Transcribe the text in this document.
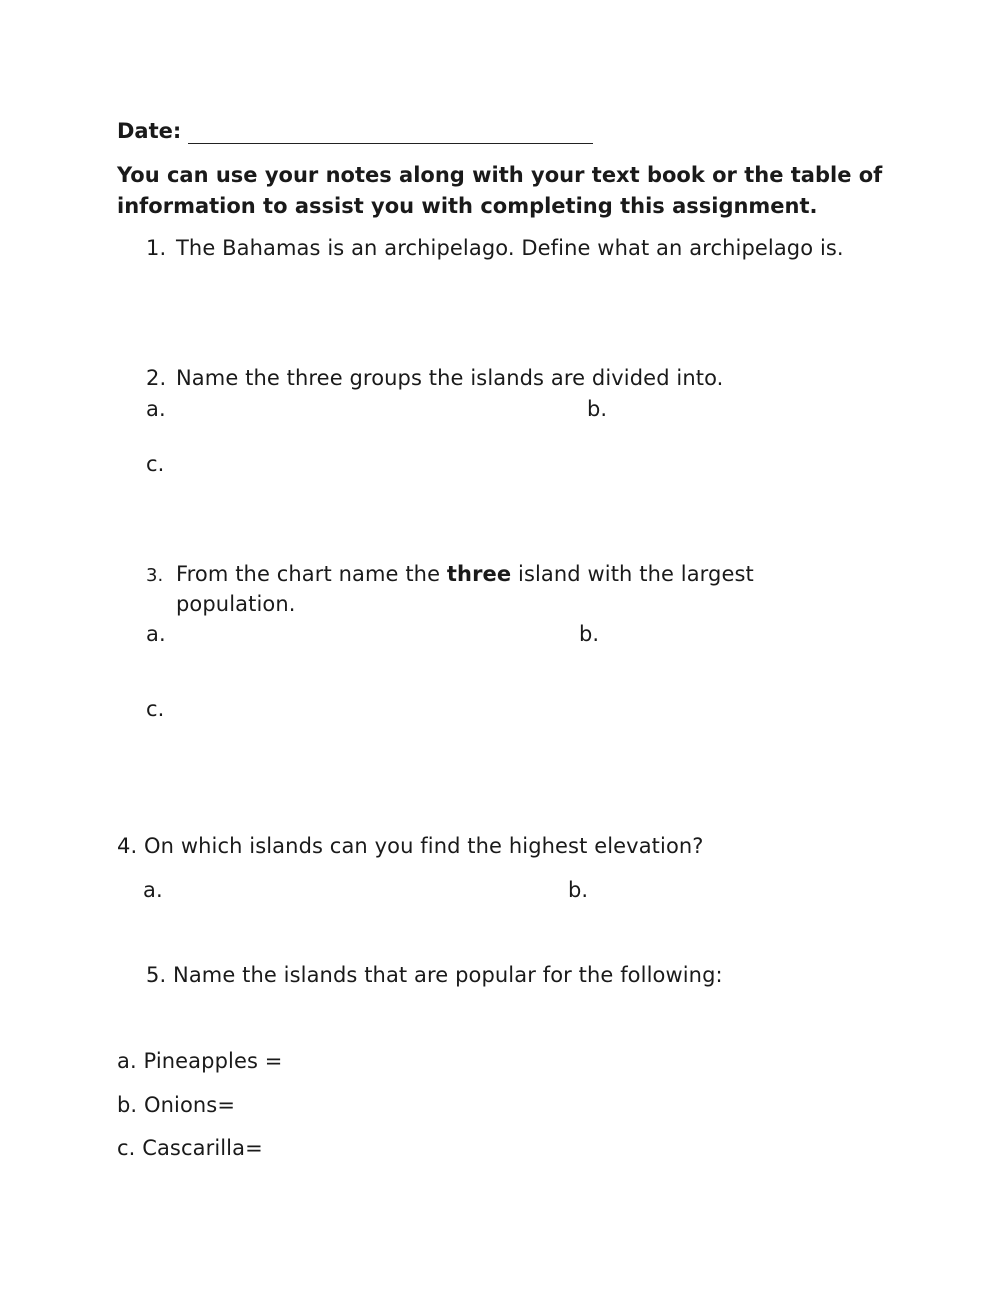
Date:
You can use your notes along with your text book or the table of
information to assist you with completing this assignment.
1. The Bahamas is an archipelago. Define what an archipelago is.
2. Name the three groups the islands are divided into.
a.	b.
c.
3. From the chart name the three island with the largest
population.
a.	b.
c.
4. On which islands can you find the highest elevation?
a.	b.
5. Name the islands that are popular for the following:
a. Pineapples =
b. Onions=
c. Cascarilla=
